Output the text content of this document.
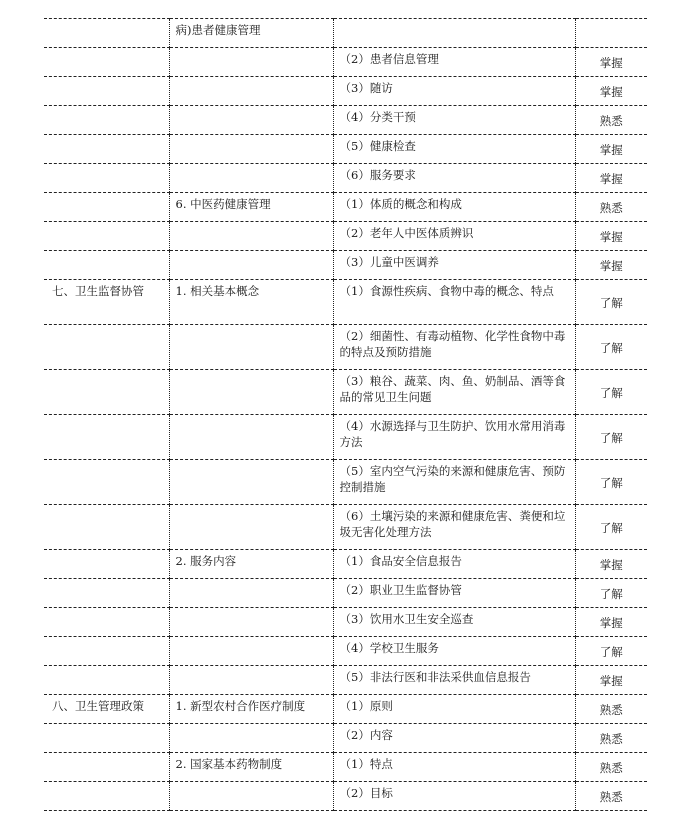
	病)患者健康管理		
		（2）患者信息管理	掌握
		（3）随访	掌握
		（4）分类干预	熟悉
		（5）健康检查	掌握
		（6）服务要求	掌握
	6. 中医药健康管理	（1）体质的概念和构成	熟悉
		（2）老年人中医体质辨识	掌握
		（3）儿童中医调养	掌握
七、卫生监督协管	1. 相关基本概念	（1）食源性疾病、食物中毒的概念、特点	了解
		（2）细菌性、有毒动植物、化学性食物中毒的特点及预防措施	了解
		（3）粮谷、蔬菜、肉、鱼、奶制品、酒等食品的常见卫生问题	了解
		（4）水源选择与卫生防护、饮用水常用消毒方法	了解
		（5）室内空气污染的来源和健康危害、预防控制措施	了解
		（6）土壤污染的来源和健康危害、粪便和垃圾无害化处理方法	了解
	2. 服务内容	（1）食品安全信息报告	掌握
		（2）职业卫生监督协管	了解
		（3）饮用水卫生安全巡查	掌握
		（4）学校卫生服务	了解
		（5）非法行医和非法采供血信息报告	掌握
八、卫生管理政策	1. 新型农村合作医疗制度	（1）原则	熟悉
		（2）内容	熟悉
	2. 国家基本药物制度	（1）特点	熟悉
		（2）目标	熟悉
